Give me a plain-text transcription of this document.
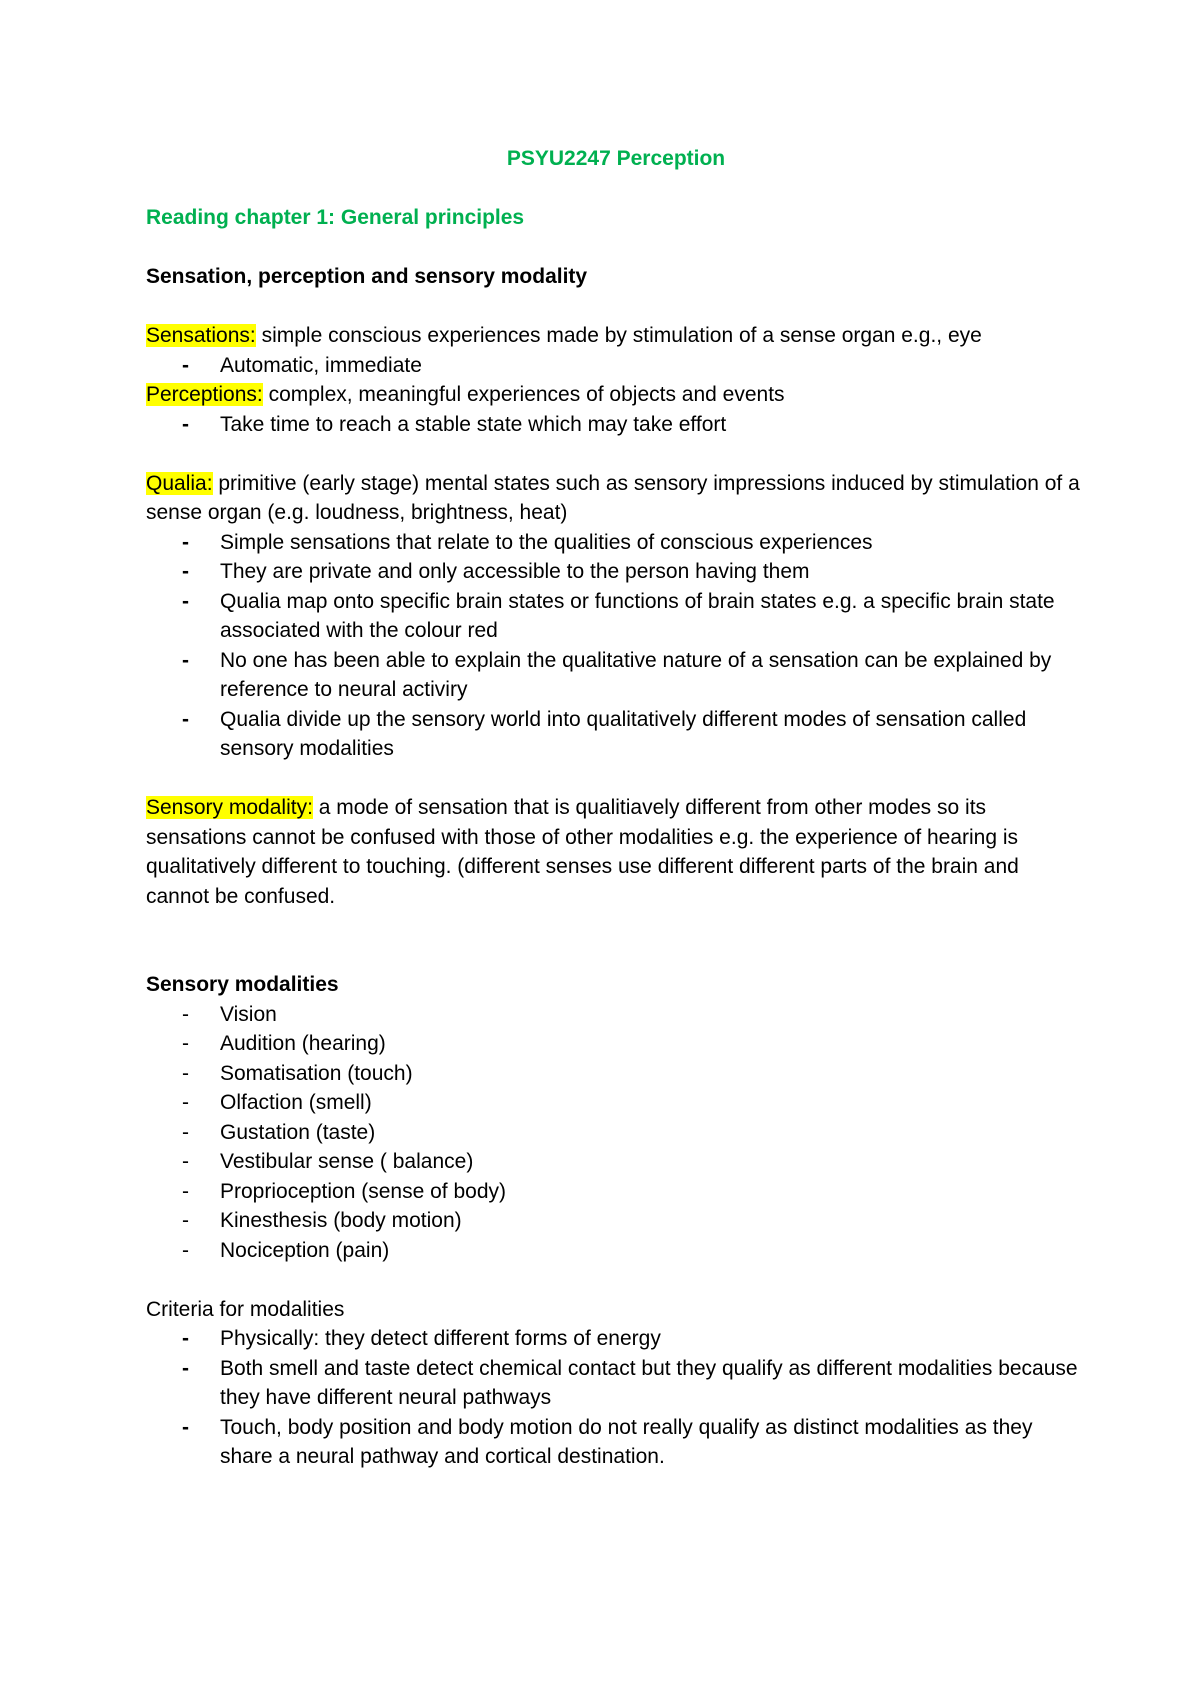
PSYU2247 Perception

Reading chapter 1: General principles

Sensation, perception and sensory modality

Sensations: simple conscious experiences made by stimulation of a sense organ e.g., eye

- Automatic, immediate

Perceptions: complex, meaningful experiences of objects and events

- Take time to reach a stable state which may take effort

Qualia: primitive (early stage) mental states such as sensory impressions induced by stimulation of a sense organ (e.g. loudness, brightness, heat)

- Simple sensations that relate to the qualities of conscious experiences
- They are private and only accessible to the person having them
- Qualia map onto specific brain states or functions of brain states e.g. a specific brain state associated with the colour red
- No one has been able to explain the qualitative nature of a sensation can be explained by reference to neural activiry
- Qualia divide up the sensory world into qualitatively different modes of sensation called sensory modalities

Sensory modality: a mode of sensation that is qualitiavely different from other modes so its sensations cannot be confused with those of other modalities e.g. the experience of hearing is qualitatively different to touching. (different senses use different different parts of the brain and cannot be confused.

Sensory modalities

- Vision
- Audition (hearing)
- Somatisation (touch)
- Olfaction (smell)
- Gustation (taste)
- Vestibular sense ( balance)
- Proprioception (sense of body)
- Kinesthesis (body motion)
- Nociception (pain)

Criteria for modalities

- Physically: they detect different forms of energy
- Both smell and taste detect chemical contact but they qualify as different modalities because they have different neural pathways
- Touch, body position and body motion do not really qualify as distinct modalities as they share a neural pathway and cortical destination.
